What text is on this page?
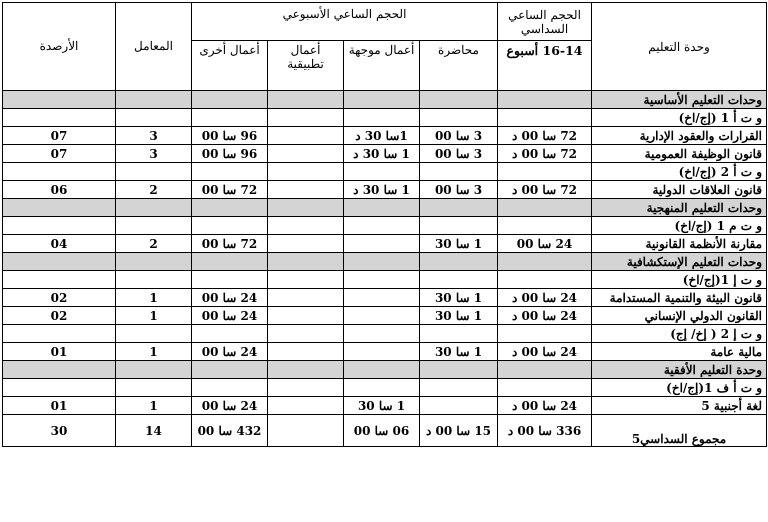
وحدة التعليم	الحجم الساعي السداسي	الحجم الساعي الأسبوعي				المعامل	الأرصدة
	16-14 أسبوع	محاضرة	أعمال موجهة	أعمال تطبيقية	أعمال أخرى		
وحدات التعليم الأساسية							
و ت أ 1 (إج/اخ)							
القرارات والعقود الإدارية	72 سا 00 د	3 سا 00	1سا 30 د		96 سا 00	3	07
قانون الوظيفة العمومية	72 سا 00 د	3 سا 00	1 سا 30 د		96 سا 00	3	07
و ت أ 2 (إج/اخ)							
قانون العلاقات الدولية	72 سا 00 د	3 سا 00	1 سا 30 د		72 سا 00	2	06
وحدات التعليم المنهجية							
و ت م 1 (إج/اخ)							
مقارنة الأنظمة القانونية	24 سا 00	1 سا 30			72 سا 00	2	04
وحدات التعليم الإستكشافية							
و ت إ 1(إج/اخ)							
قانون البيئة والتنمية المستدامة	24 سا 00 د	1 سا 30			24 سا 00	1	02
القانون الدولي الإنساني	24 سا 00 د	1 سا 30			24 سا 00	1	02
و ت إ 2 ( إخ/ إج)							
مالية عامة	24 سا 00 د	1 سا 30			24 سا 00	1	01
وحدة التعليم الأفقية							
و ت أ ف 1(إج/اخ)							
لغة أجنبية 5	24 سا 00 د		1 سا 30		24 سا 00	1	01
مجموع السداسي5	336 سا 00 د	15 سا 00 د	06 سا 00		432 سا 00	14	30
